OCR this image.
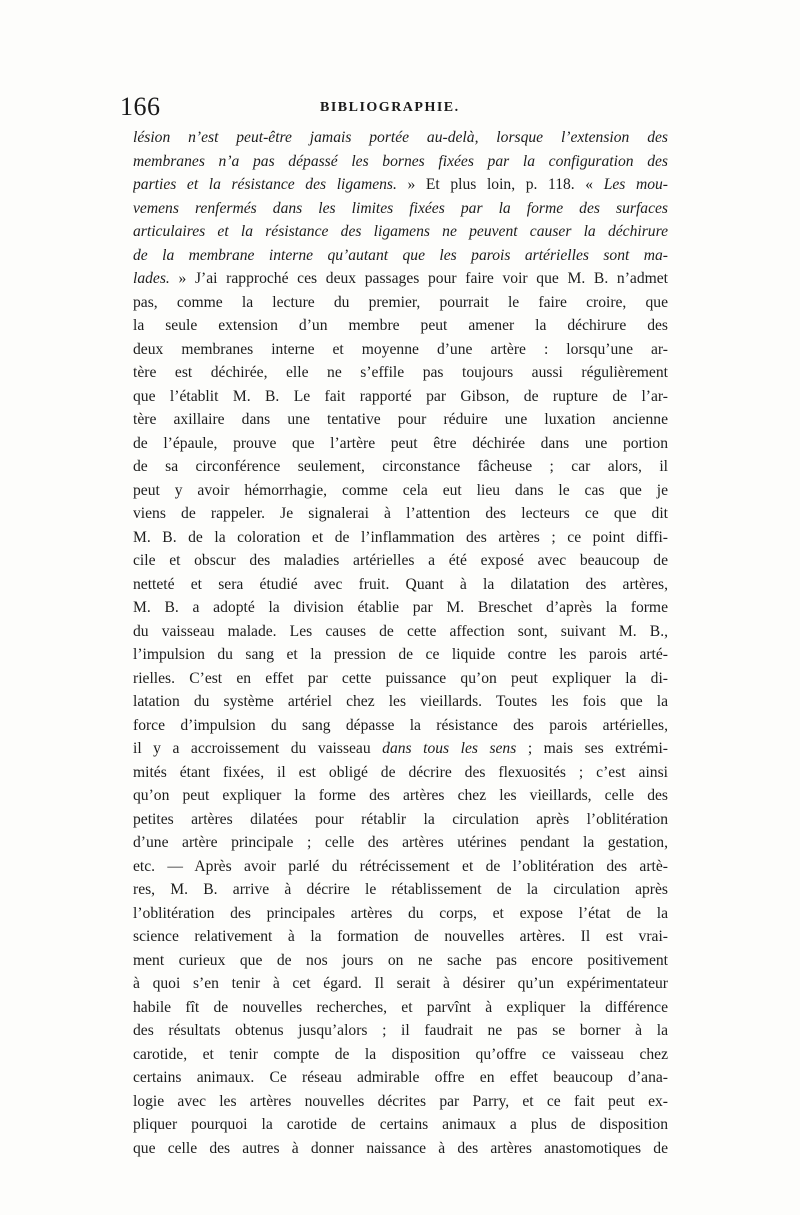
166	BIBLIOGRAPHIE.
lésion n’est peut-être jamais portée au-delà, lorsque l’extension des
membranes n’a pas dépassé les bornes fixées par la configuration des
parties et la résistance des ligamens. » Et plus loin, p. 118. « Les mou-
vemens renfermés dans les limites fixées par la forme des surfaces
articulaires et la résistance des ligamens ne peuvent causer la déchirure
de la membrane interne qu’autant que les parois artérielles sont ma-
lades. » J’ai rapproché ces deux passages pour faire voir que M. B. n’admet
pas, comme la lecture du premier, pourrait le faire croire, que
la seule extension d’un membre peut amener la déchirure des
deux membranes interne et moyenne d’une artère : lorsqu’une ar-
tère est déchirée, elle ne s’effile pas toujours aussi régulièrement
que l’établit M. B. Le fait rapporté par Gibson, de rupture de l’ar-
tère axillaire dans une tentative pour réduire une luxation ancienne
de l’épaule, prouve que l’artère peut être déchirée dans une portion
de sa circonférence seulement, circonstance fâcheuse ; car alors, il
peut y avoir hémorrhagie, comme cela eut lieu dans le cas que je
viens de rappeler. Je signalerai à l’attention des lecteurs ce que dit
M. B. de la coloration et de l’inflammation des artères ; ce point diffi-
cile et obscur des maladies artérielles a été exposé avec beaucoup de
netteté et sera étudié avec fruit. Quant à la dilatation des artères,
M. B. a adopté la division établie par M. Breschet d’après la forme
du vaisseau malade. Les causes de cette affection sont, suivant M. B.,
l’impulsion du sang et la pression de ce liquide contre les parois arté-
rielles. C’est en effet par cette puissance qu’on peut expliquer la di-
latation du système artériel chez les vieillards. Toutes les fois que la
force d’impulsion du sang dépasse la résistance des parois artérielles,
il y a accroissement du vaisseau dans tous les sens ; mais ses extrémi-
mités étant fixées, il est obligé de décrire des flexuosités ; c’est ainsi
qu’on peut expliquer la forme des artères chez les vieillards, celle des
petites artères dilatées pour rétablir la circulation après l’oblitération
d’une artère principale ; celle des artères utérines pendant la gestation,
etc. — Après avoir parlé du rétrécissement et de l’oblitération des artè-
res, M. B. arrive à décrire le rétablissement de la circulation après
l’oblitération des principales artères du corps, et expose l’état de la
science relativement à la formation de nouvelles artères. Il est vrai-
ment curieux que de nos jours on ne sache pas encore positivement
à quoi s’en tenir à cet égard. Il serait à désirer qu’un expérimentateur
habile fît de nouvelles recherches, et parvînt à expliquer la différence
des résultats obtenus jusqu’alors ; il faudrait ne pas se borner à la
carotide, et tenir compte de la disposition qu’offre ce vaisseau chez
certains animaux. Ce réseau admirable offre en effet beaucoup d’ana-
logie avec les artères nouvelles décrites par Parry, et ce fait peut ex-
pliquer pourquoi la carotide de certains animaux a plus de disposition
que celle des autres à donner naissance à des artères anastomotiques de
